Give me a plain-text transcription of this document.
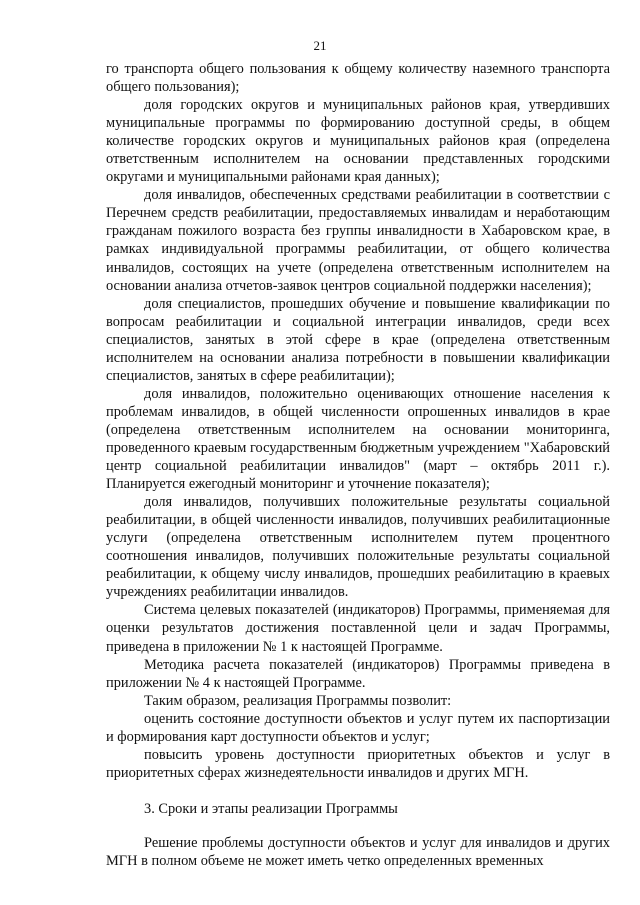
21

го транспорта общего пользования к общему количеству наземного транспорта общего пользования);

доля городских округов и муниципальных районов края, утвердивших муниципальные программы по формированию доступной среды, в общем количестве городских округов и муниципальных районов края (определена ответственным исполнителем на основании представленных городскими округами и муниципальными районами края данных);

доля инвалидов, обеспеченных средствами реабилитации в соответствии с Перечнем средств реабилитации, предоставляемых инвалидам и неработающим гражданам пожилого возраста без группы инвалидности в Хабаровском крае, в рамках индивидуальной программы реабилитации, от общего количества инвалидов, состоящих на учете (определена ответственным исполнителем на основании анализа отчетов-заявок центров социальной поддержки населения);

доля специалистов, прошедших обучение и повышение квалификации по вопросам реабилитации и социальной интеграции инвалидов, среди всех специалистов, занятых в этой сфере в крае (определена ответственным исполнителем на основании анализа потребности в повышении квалификации специалистов, занятых в сфере реабилитации);

доля инвалидов, положительно оценивающих отношение населения к проблемам инвалидов, в общей численности опрошенных инвалидов в крае (определена ответственным исполнителем на основании мониторинга, проведенного краевым государственным бюджетным учреждением "Хабаровский центр социальной реабилитации инвалидов" (март – октябрь 2011 г.). Планируется ежегодный мониторинг и уточнение показателя);

доля инвалидов, получивших положительные результаты социальной реабилитации, в общей численности инвалидов, получивших реабилитационные услуги (определена ответственным исполнителем путем процентного соотношения инвалидов, получивших положительные результаты социальной реабилитации, к общему числу инвалидов, прошедших реабилитацию в краевых учреждениях реабилитации инвалидов.

Система целевых показателей (индикаторов) Программы, применяемая для оценки результатов достижения поставленной цели и задач Программы, приведена в приложении № 1 к настоящей Программе.

Методика расчета показателей (индикаторов) Программы приведена в приложении № 4 к настоящей Программе.

Таким образом, реализация Программы позволит:

оценить состояние доступности объектов и услуг путем их паспортизации и формирования карт доступности объектов и услуг;

повысить уровень доступности приоритетных объектов и услуг в приоритетных сферах жизнедеятельности инвалидов и других МГН.

3. Сроки и этапы реализации Программы

Решение проблемы доступности объектов и услуг для инвалидов и других МГН в полном объеме не может иметь четко определенных временных
